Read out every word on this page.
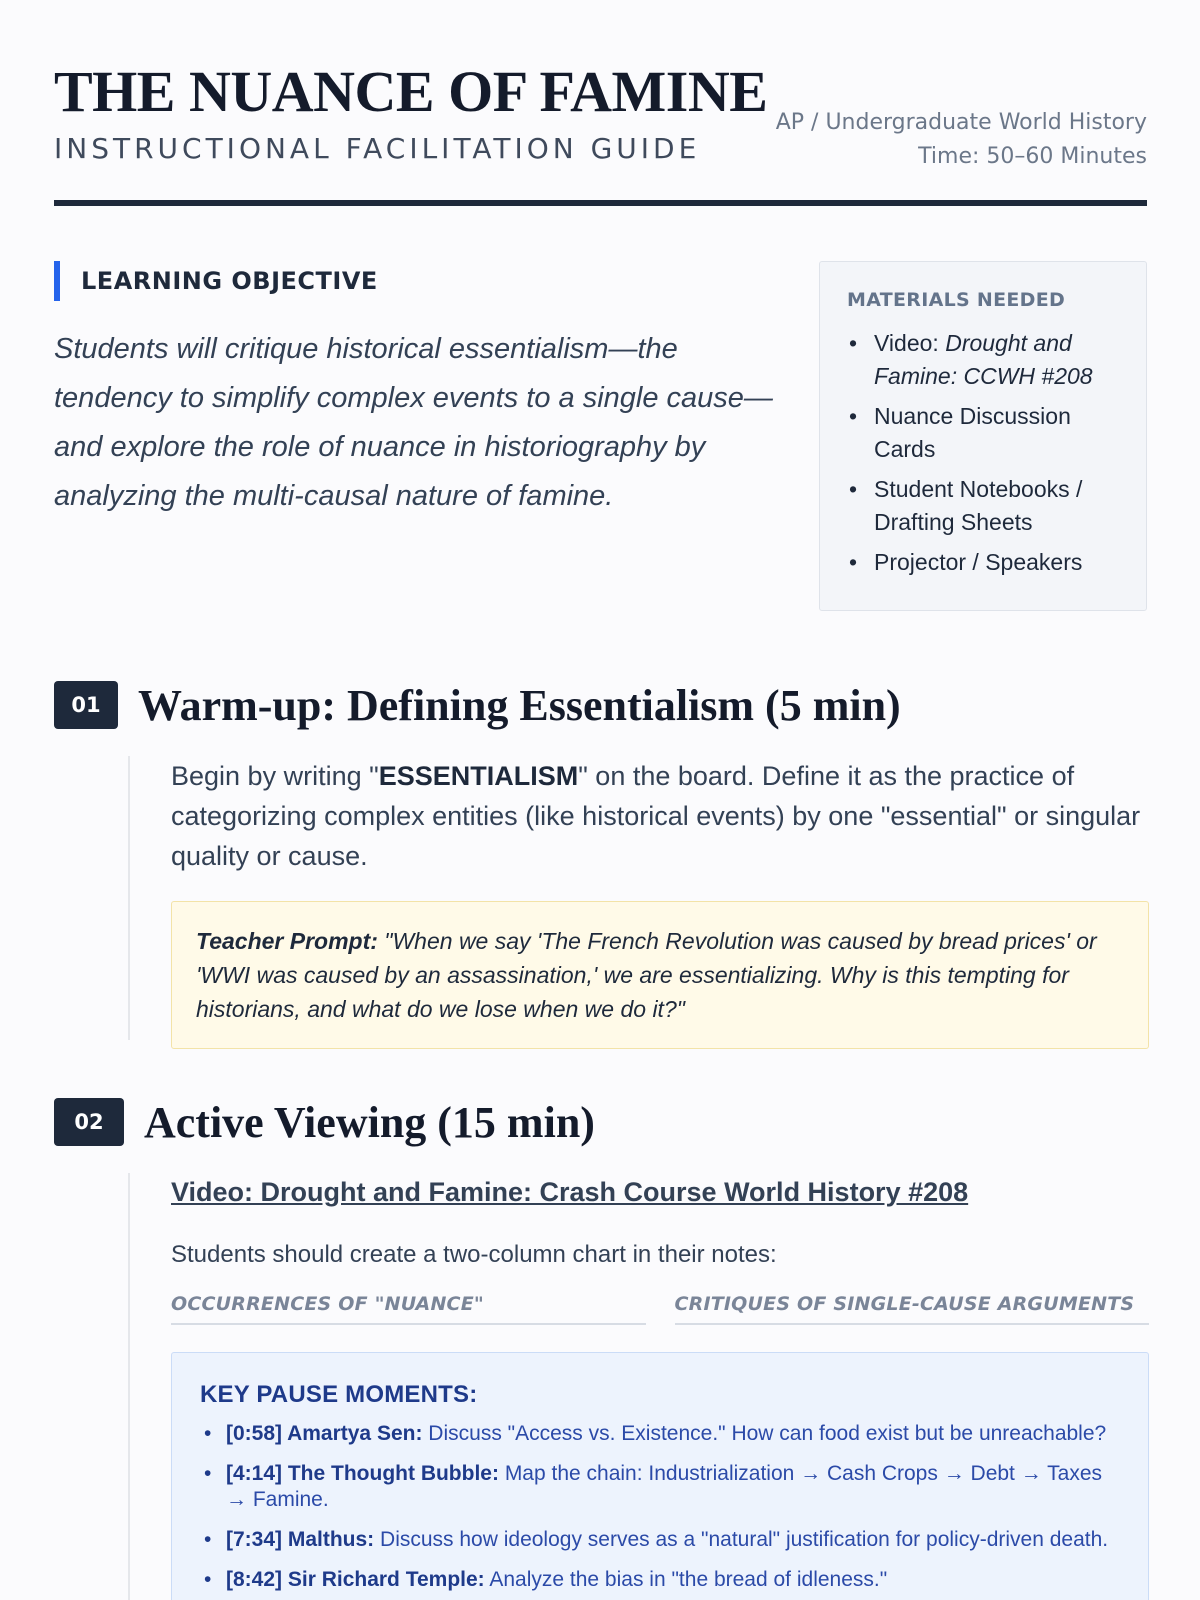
THE NUANCE OF FAMINE
INSTRUCTIONAL FACILITATION GUIDE
AP / Undergraduate World History
Time: 50–60 Minutes
LEARNING OBJECTIVE

Students will critique historical essentialism—the tendency to simplify complex events to a single cause—and explore the role of nuance in historiography by analyzing the multi-causal nature of famine.

MATERIALS NEEDED
• Video: Drought and Famine: CCWH #208
• Nuance Discussion Cards
• Student Notebooks / Drafting Sheets
• Projector / Speakers
01 Warm-up: Defining Essentialism (5 min)

Begin by writing "ESSENTIALISM" on the board. Define it as the practice of categorizing complex entities (like historical events) by one "essential" or singular quality or cause.

Teacher Prompt: "When we say 'The French Revolution was caused by bread prices' or 'WWI was caused by an assassination,' we are essentializing. Why is this tempting for historians, and what do we lose when we do it?"
02 Active Viewing (15 min)
Video: Drought and Famine: Crash Course World History #208

Students should create a two-column chart in their notes:

OCCURRENCES OF "NUANCE"	CRITIQUES OF SINGLE-CAUSE ARGUMENTS
KEY PAUSE MOMENTS:
• [0:58] Amartya Sen: Discuss "Access vs. Existence." How can food exist but be unreachable?
• [4:14] The Thought Bubble: Map the chain: Industrialization → Cash Crops → Debt → Taxes → Famine.
• [7:34] Malthus: Discuss how ideology serves as a "natural" justification for policy-driven death.
• [8:42] Sir Richard Temple: Analyze the bias in "the bread of idleness."
